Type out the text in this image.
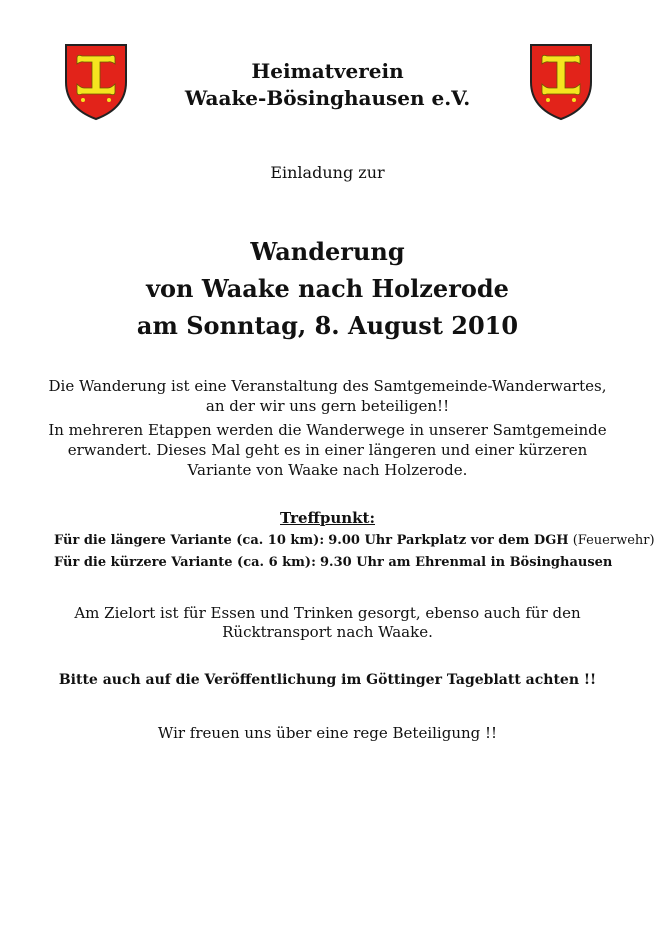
Heimatverein
Waake-Bösinghausen e.V.
Einladung zur
Wanderung
von Waake nach Holzerode
am Sonntag, 8. August 2010

Die Wanderung ist eine Veranstaltung des Samtgemeinde-Wanderwartes,
an der wir uns gern beteiligen!!

In mehreren Etappen werden die Wanderwege in unserer Samtgemeinde
erwandert. Dieses Mal geht es in einer längeren und einer kürzeren
Variante von Waake nach Holzerode.

Treffpunkt:
Für die längere Variante (ca. 10 km): 9.00 Uhr Parkplatz vor dem DGH (Feuerwehr)
Für die kürzere Variante (ca. 6 km): 9.30 Uhr am Ehrenmal in Bösinghausen
Am Zielort ist für Essen und Trinken gesorgt, ebenso auch für den
Rücktransport nach Waake.
Bitte auch auf die Veröffentlichung im Göttinger Tageblatt achten !!
Wir freuen uns über eine rege Beteiligung !!
